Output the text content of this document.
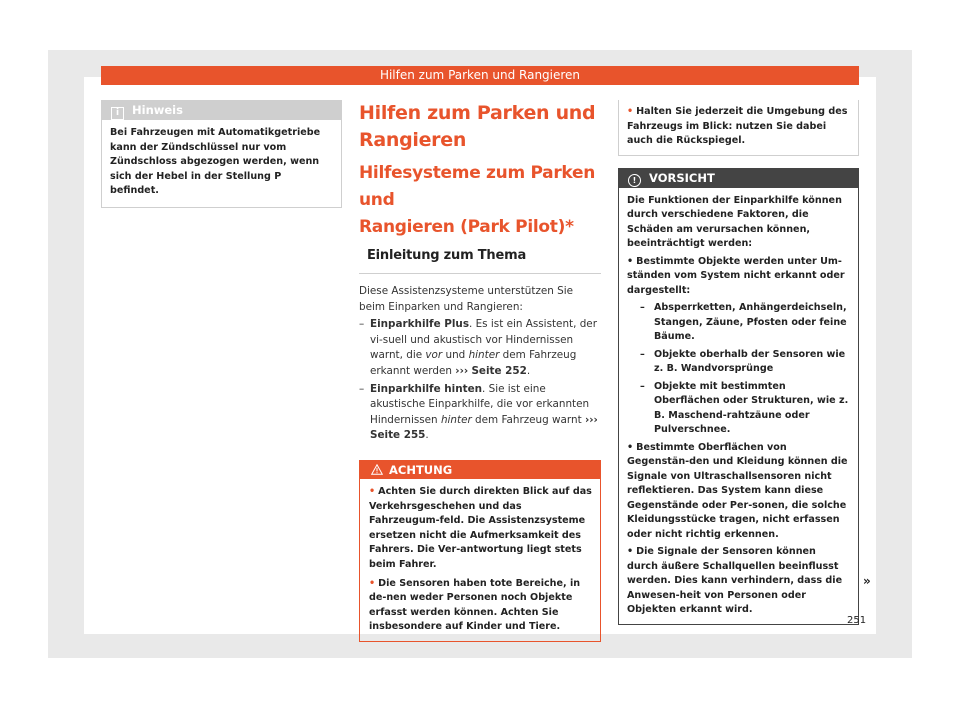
Hilfen zum Parken und Rangieren
i Hinweis
Bei Fahrzeugen mit Automatikgetriebe kann der Zündschlüssel nur vom Zündschloss abgezogen werden, wenn sich der Hebel in der Stellung P befindet.
Hilfen zum Parken und
Rangieren
Hilfesysteme zum Parken und
Rangieren (Park Pilot)*
Einleitung zum Thema

Diese Assistenzsysteme unterstützen Sie beim Einparken und Rangieren:

– Einparkhilfe Plus. Es ist ein Assistent, der vi-suell und akustisch vor Hindernissen warnt, die vor und hinter dem Fahrzeug erkannt werden ››› Seite 252.
– Einparkhilfe hinten. Sie ist eine akustische Einparkhilfe, die vor erkannten Hindernissen hinter dem Fahrzeug warnt ››› Seite 255.
ACHTUNG
• Achten Sie durch direkten Blick auf das Verkehrsgeschehen und das Fahrzeugum-feld. Die Assistenzsysteme ersetzen nicht die Aufmerksamkeit des Fahrers. Die Ver-antwortung liegt stets beim Fahrer.
• Die Sensoren haben tote Bereiche, in de-nen weder Personen noch Objekte erfasst werden können. Achten Sie insbesondere auf Kinder und Tiere.
• Halten Sie jederzeit die Umgebung des Fahrzeugs im Blick: nutzen Sie dabei auch die Rückspiegel.
! VORSICHT
Die Funktionen der Einparkhilfe können durch verschiedene Faktoren, die Schäden am verursachen können, beeinträchtigt werden:
• Bestimmte Objekte werden unter Um-ständen vom System nicht erkannt oder dargestellt:
– Absperrketten, Anhängerdeichseln, Stangen, Zäune, Pfosten oder feine Bäume.
– Objekte oberhalb der Sensoren wie z. B. Wandvorsprünge
– Objekte mit bestimmten Oberflächen oder Strukturen, wie z. B. Maschend-rahtzäune oder Pulverschnee.
• Bestimmte Oberflächen von Gegenstän-den und Kleidung können die Signale von Ultraschallsensoren nicht reflektieren. Das System kann diese Gegenstände oder Per-sonen, die solche Kleidungsstücke tragen, nicht erfassen oder nicht richtig erkennen.
• Die Signale der Sensoren können durch äußere Schallquellen beeinflusst werden. Dies kann verhindern, dass die Anwesen-heit von Personen oder Objekten erkannt wird.
»
251
